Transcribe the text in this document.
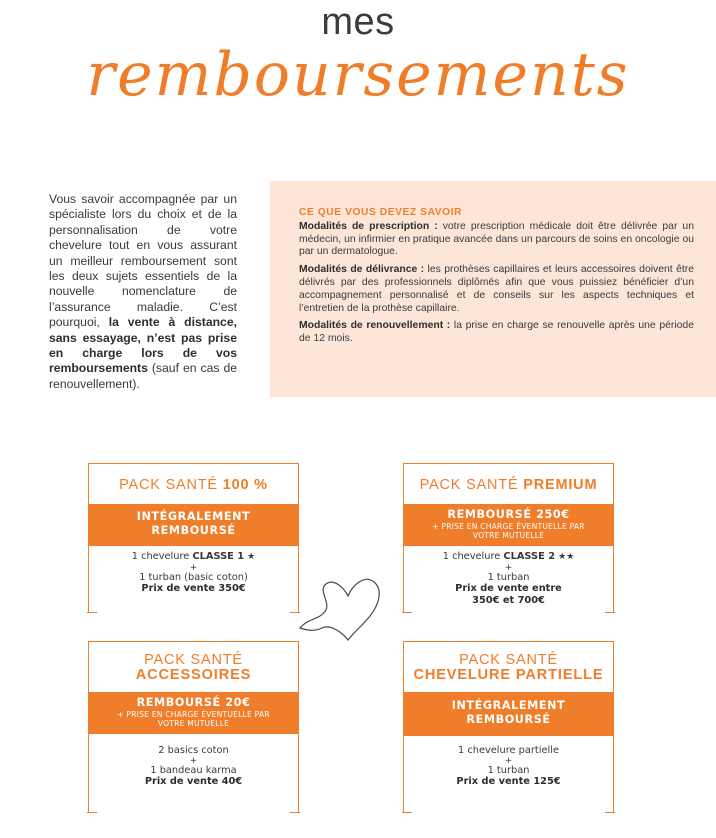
mes
remboursements
Vous savoir accompagnée par un spécialiste lors du choix et de la personnalisation de votre chevelure tout en vous assurant un meilleur remboursement sont les deux sujets essentiels de la nouvelle nomenclature de l’assurance maladie. C’est pourquoi, la vente à distance, sans essayage, n’est pas prise en charge lors de vos remboursements (sauf en cas de renouvellement).
CE QUE VOUS DEVEZ SAVOIR

Modalités de prescription : votre prescription médicale doit être délivrée par un médecin, un infirmier en pratique avancée dans un parcours de soins en oncologie ou par un dermatologue.

Modalités de délivrance : les prothèses capillaires et leurs accessoires doivent être délivrés par des professionnels diplômés afin que vous puissiez bénéficier d’un accompagnement personnalisé et de conseils sur les aspects techniques et l’entretien de la prothèse capillaire.

Modalités de renouvellement : la prise en charge se renouvelle après une période de 12 mois.

PACK SANTÉ 100 %
INTÉGRALEMENT
REMBOURSÉ
1 chevelure CLASSE 1 ★
+
1 turban (basic coton)
Prix de vente 350€
PACK SANTÉ PREMIUM
REMBOURSÉ 250€
+ PRISE EN CHARGE ÉVENTUELLE PAR
VOTRE MUTUELLE
1 chevelure CLASSE 2 ★★
+
1 turban
Prix de vente entre
350€ et 700€
PACK SANTÉ
ACCESSOIRES
REMBOURSÉ 20€
+ PRISE EN CHARGE ÉVENTUELLE PAR
VOTRE MUTUELLE
2 basics coton
+
1 bandeau karma
Prix de vente 40€
PACK SANTÉ
CHEVELURE PARTIELLE
INTÉGRALEMENT
REMBOURSÉ
1 chevelure partielle
+
1 turban
Prix de vente 125€
